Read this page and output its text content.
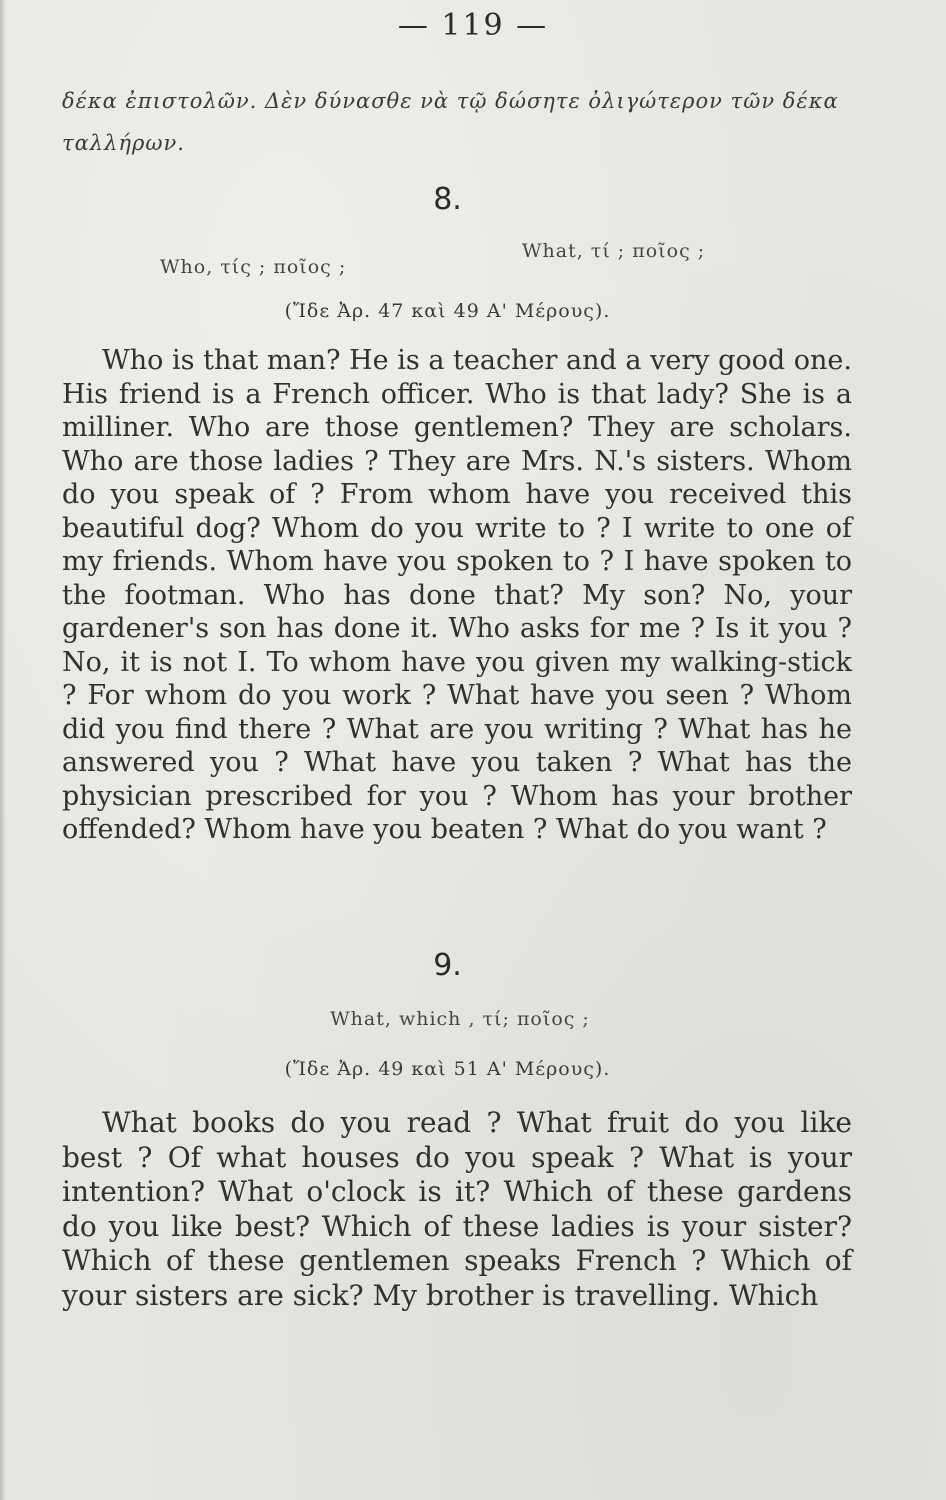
— 119 —
δέκα ἐπιστολῶν. Δὲν δύνασθε νὰ τῷ δώσητε ὀλιγώτερον τῶν δέκα ταλλήρων.
8.
Who, τίς ; ποῖος ;
What, τί ; ποῖος ;
(Ἴδε Ἀρ. 47 καὶ 49 Α' Μέρους).
Who is that man? He is a teacher and a very good one. His friend is a French officer. Who is that lady? She is a milliner. Who are those gentlemen? They are scholars. Who are those ladies ? They are Mrs. N.'s sisters. Whom do you speak of ? From whom have you received this beautiful dog? Whom do you write to ? I write to one of my friends. Whom have you spoken to ? I have spoken to the footman. Who has done that? My son? No, your gardener's son has done it. Who asks for me ? Is it you ? No, it is not I. To whom have you given my walking-stick ? For whom do you work ? What have you seen ? Whom did you find there ? What are you writing ? What has he answered you ? What have you taken ? What has the physician prescribed for you ? Whom has your brother offended? Whom have you beaten ? What do you want ?
9.
What, which , τί; ποῖος ;
(Ἴδε Ἀρ. 49 καὶ 51 Α' Μέρους).
What books do you read ? What fruit do you like best ? Of what houses do you speak ? What is your intention? What o'clock is it? Which of these gardens do you like best? Which of these ladies is your sister? Which of these gentlemen speaks French ? Which of your sisters are sick? My brother is travelling. Which
